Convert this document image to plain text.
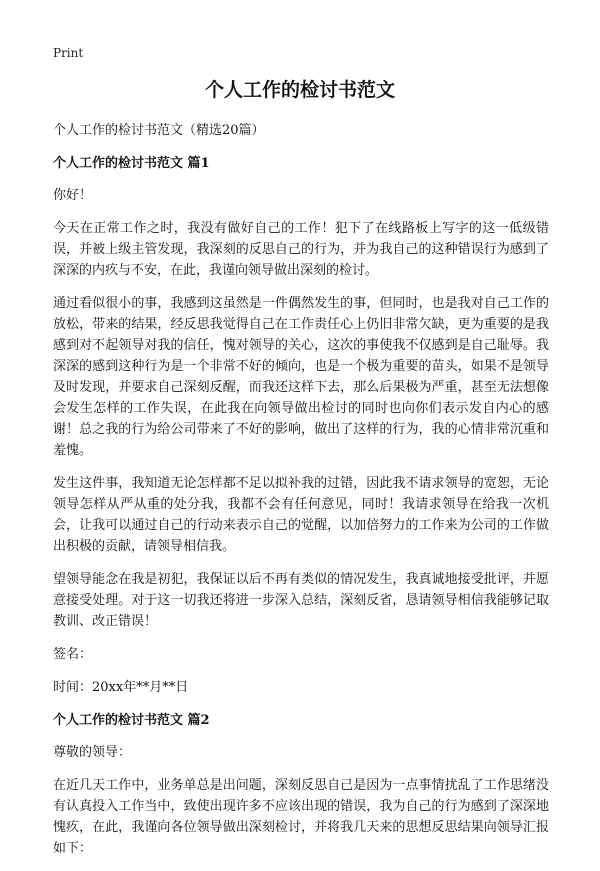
Print
个人工作的检讨书范文
个人工作的检讨书范文（精选20篇）
个人工作的检讨书范文 篇1
你好！
今天在正常工作之时，我没有做好自己的工作！犯下了在线路板上写字的这一低级错误，并被上级主管发现，我深刻的反思自己的行为，并为我自己的这种错误行为感到了深深的内疚与不安，在此，我谨向领导做出深刻的检讨。
通过看似很小的事，我感到这虽然是一件偶然发生的事，但同时，也是我对自己工作的放松，带来的结果，经反思我觉得自己在工作责任心上仍旧非常欠缺，更为重要的是我感到对不起领导对我的信任，愧对领导的关心，这次的事使我不仅感到是自己耻辱。我深深的感到这种行为是一个非常不好的倾向，也是一个极为重要的苗头，如果不是领导及时发现，并要求自己深刻反醒，而我还这样下去，那么后果极为严重，甚至无法想像会发生怎样的工作失误，在此我在向领导做出检讨的同时也向你们表示发自内心的感谢！总之我的行为给公司带来了不好的影响，做出了这样的行为，我的心情非常沉重和羞愧。
发生这件事，我知道无论怎样都不足以拟补我的过错，因此我不请求领导的宽恕，无论领导怎样从严从重的处分我，我都不会有任何意见，同时！我请求领导在给我一次机会，让我可以通过自己的行动来表示自己的觉醒，以加倍努力的工作来为公司的工作做出积极的贡献，请领导相信我。
望领导能念在我是初犯，我保证以后不再有类似的情况发生，我真诚地接受批评，并愿意接受处理。对于这一切我还将进一步深入总结，深刻反省，恳请领导相信我能够记取教训、改正错误！
签名：
时间：20xx年**月**日
个人工作的检讨书范文 篇2
尊敬的领导：
在近几天工作中，业务单总是出问题，深刻反思自己是因为一点事情扰乱了工作思绪没有认真投入工作当中，致使出现许多不应该出现的错误，我为自己的行为感到了深深地愧疚，在此，我谨向各位领导做出深刻检讨，并将我几天来的思想反思结果向领导汇报如下：
